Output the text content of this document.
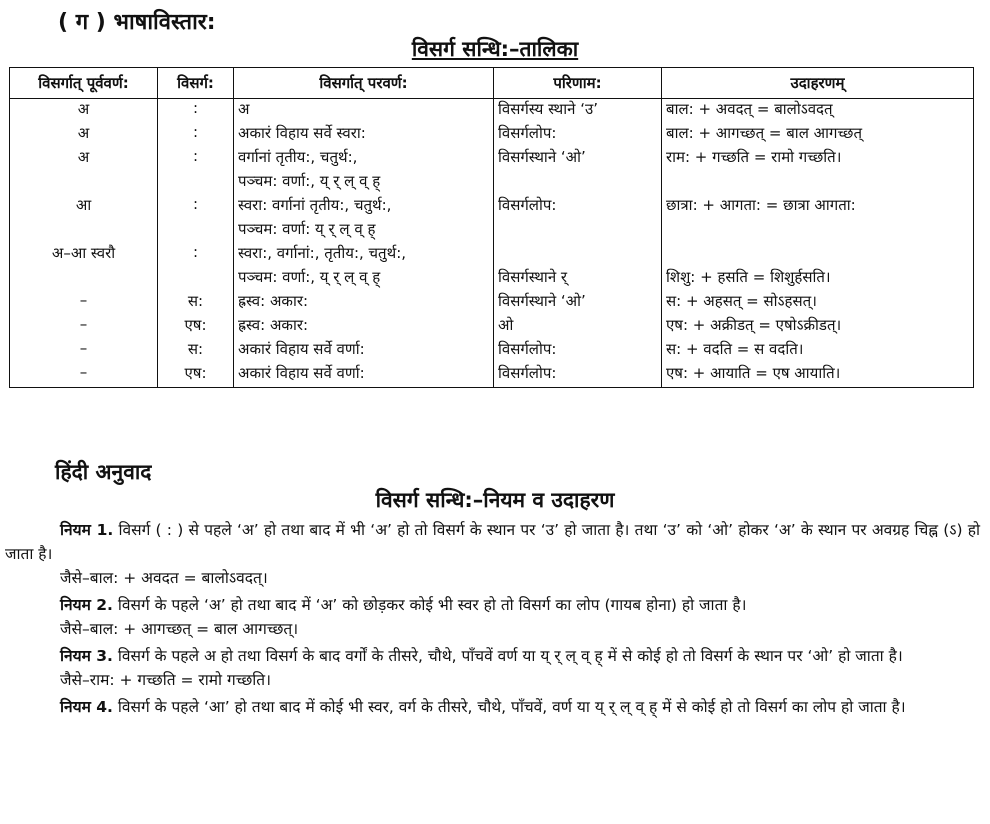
( ग ) भाषाविस्तार:
विसर्ग सन्धि:–तालिका
विसर्गात् पूर्ववर्ण:	विसर्ग:	विसर्गात् परवर्ण:	परिणाम:	उदाहरणम्
अ	:	अ	विसर्गस्य स्थाने ‘उ’	बाल: + अवदत् = बालोऽवदत्
अ	:	अकारं विहाय सर्वे स्वरा:	विसर्गलोप:	बाल: + आगच्छत् = बाल आगच्छत्
अ	:	वर्गानां तृतीय:, चतुर्थ:,	विसर्गस्थाने ‘ओ’	राम: + गच्छति = रामो गच्छति।
		पञ्चम: वर्णा:, य् र् ल् व् ह्		
आ	:	स्वरा: वर्गानां तृतीय:, चतुर्थ:,	विसर्गलोप:	छात्रा: + आगता: = छात्रा आगता:
		पञ्चम: वर्णा: य् र् ल् व् ह्		
अ–आ स्वरौ	:	स्वरा:, वर्गानां:, तृतीय:, चतुर्थ:,		
		पञ्चम: वर्णा:, य् र् ल् व् ह्	विसर्गस्थाने र्	शिशु: + हसति = शिशुर्हसति।
–	स:	ह्रस्व: अकार:	विसर्गस्थाने ‘ओ’	स: + अहसत् = सोऽहसत्।
–	एष:	ह्रस्व: अकार:	ओ	एष: + अक्रीडत् = एषोऽक्रीडत्।
–	स:	अकारं विहाय सर्वे वर्णा:	विसर्गलोप:	स: + वदति = स वदति।
–	एष:	अकारं विहाय सर्वे वर्णा:	विसर्गलोप:	एष: + आयाति = एष आयाति।
हिंदी अनुवाद
विसर्ग सन्धि:–नियम व उदाहरण

नियम 1. विसर्ग ( : ) से पहले ‘अ’ हो तथा बाद में भी ‘अ’ हो तो विसर्ग के स्थान पर ‘उ’ हो जाता है। तथा ‘उ’ को ‘ओ’ होकर ‘अ’ के स्थान पर अवग्रह चिह्न (ऽ) हो जाता है।

जैसे–बाल: + अवदत = बालोऽवदत्।

नियम 2. विसर्ग के पहले ‘अ’ हो तथा बाद में ‘अ’ को छोड़कर कोई भी स्वर हो तो विसर्ग का लोप (गायब होना) हो जाता है।

जैसे–बाल: + आगच्छत् = बाल आगच्छत्।

नियम 3. विसर्ग के पहले अ हो तथा विसर्ग के बाद वर्गों के तीसरे, चौथे, पाँचवें वर्ण या य् र् ल् व् ह् में से कोई हो तो विसर्ग के स्थान पर ‘ओ’ हो जाता है।

जैसे–राम: + गच्छति = रामो गच्छति।

नियम 4. विसर्ग के पहले ‘आ’ हो तथा बाद में कोई भी स्वर, वर्ग के तीसरे, चौथे, पाँचवें, वर्ण या य् र् ल् व् ह् में से कोई हो तो विसर्ग का लोप हो जाता है।
